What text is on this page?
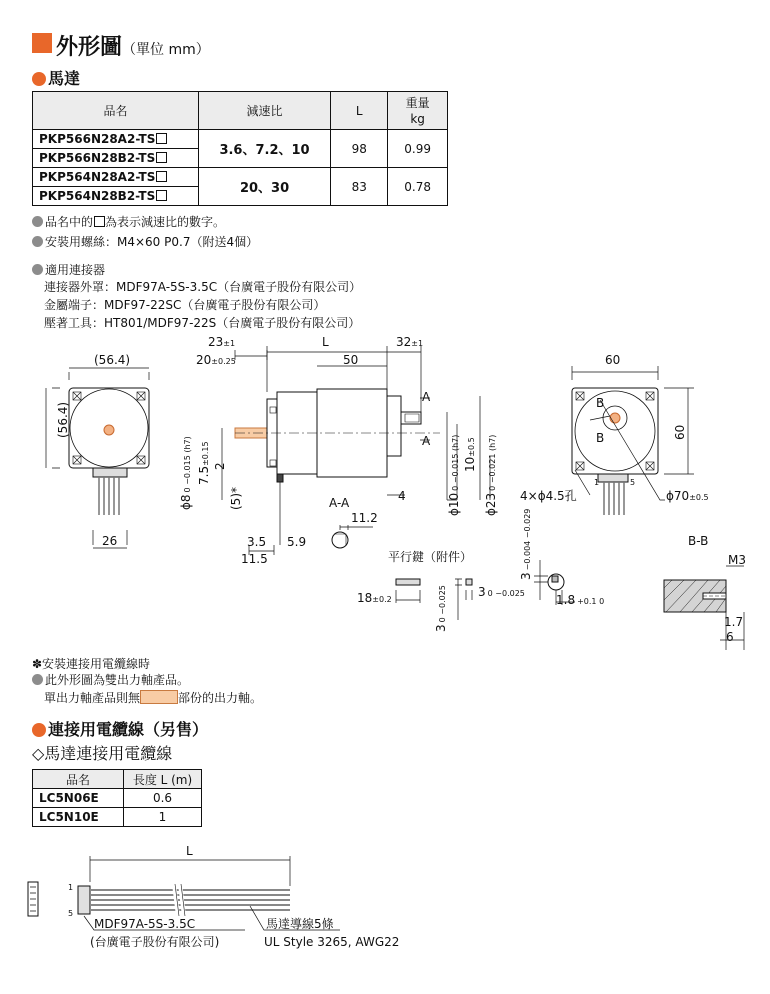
外形圖（單位 mm）
馬達
品名	減速比	L	重量
kg
PKP566N28A2-TS	3.6、7.2、10	98	0.99
PKP566N28B2-TS			
PKP564N28A2-TS	20、30	83	0.78
PKP564N28B2-TS			
品名中的 為表示減速比的數字。
安裝用螺絲：M4×60 P0.7（附送4個）
適用連接器
連接器外罩：MDF97A-5S-3.5C（台廣電子股份有限公司）
金屬端子：MDF97-22SC（台廣電子股份有限公司）
壓著工具：HT801/MDF97-22S（台廣電子股份有限公司）
(56.4)
(56.4)
26
23±1
20±0.25
L
50
32±1
A
A
ϕ80 −0.015 (h7) 7.5±0.15
2
(5)*
3.5 5.9
11.5
A-A
11.2
4	ϕ100 −0.015 (h7) 10±0.5
ϕ230 −0.021 (h7)
60
60
B
B
1	5
4×ϕ4.5孔	ϕ70±0.5
B-B
M3
1.7
6
平行鍵（附件）
18±0.2
30 −0.025	3 0 −0.025
3−0.004 −0.029
1.8 +0.1 0
✽安裝連接用電纜線時
此外形圖為雙出力軸產品。
單出力軸產品則無	部份的出力軸。
連接用電纜線（另售）
◇馬達連接用電纜線
品名	長度 L (m)
LC5N06E	0.6
LC5N10E	1
L
1
5
MDF97A-5S-3.5C
(台廣電子股份有限公司)
馬達導線5條
UL Style 3265, AWG22
